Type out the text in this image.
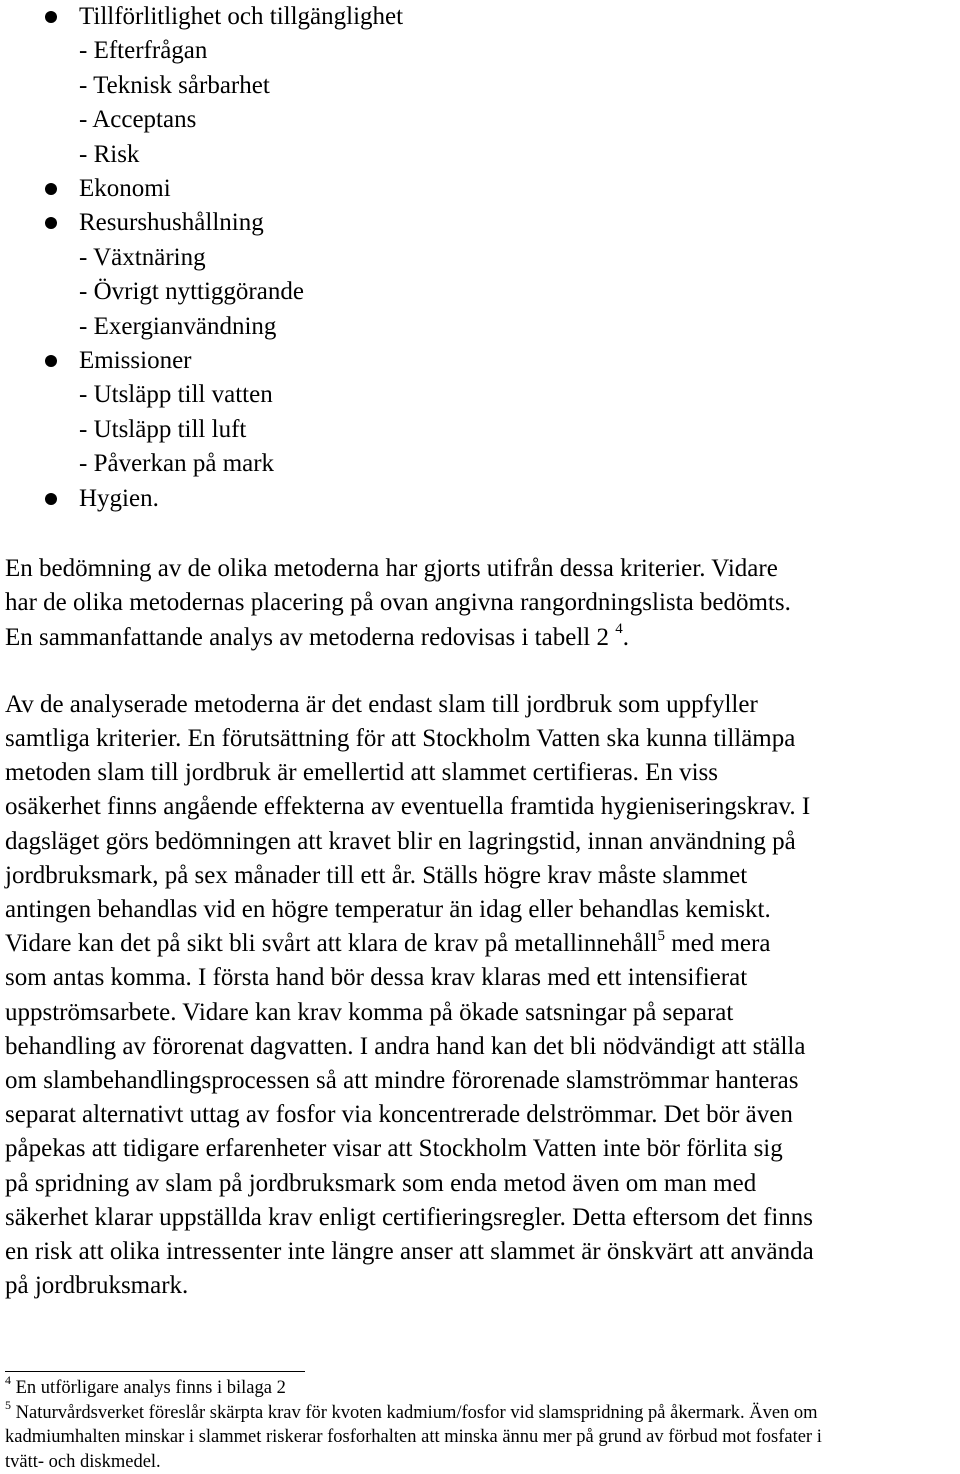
Tillförlitlighet och tillgänglighet
- Efterfrågan
- Teknisk sårbarhet
- Acceptans
- Risk
Ekonomi
Resurshushållning
- Växtnäring
- Övrigt nyttiggörande
- Exergianvändning
Emissioner
- Utsläpp till vatten
- Utsläpp till luft
- Påverkan på mark
Hygien.

En bedömning av de olika metoderna har gjorts utifrån dessa kriterier. Vidare
har de olika metodernas placering på ovan angivna rangordningslista bedömts.
En sammanfattande analys av metoderna redovisas i tabell 2 $^4$.

Av de analyserade metoderna är det endast slam till jordbruk som uppfyller
samtliga kriterier. En förutsättning för att Stockholm Vatten ska kunna tillämpa
metoden slam till jordbruk är emellertid att slammet certifieras. En viss
osäkerhet finns angående effekterna av eventuella framtida hygieniseringskrav. I
dagsläget görs bedömningen att kravet blir en lagringstid, innan användning på
jordbruksmark, på sex månader till ett år. Ställs högre krav måste slammet
antingen behandlas vid en högre temperatur än idag eller behandlas kemiskt.
Vidare kan det på sikt bli svårt att klara de krav på metallinnehåll$^5$ med mera
som antas komma. I första hand bör dessa krav klaras med ett intensifierat
uppströmsarbete. Vidare kan krav komma på ökade satsningar på separat
behandling av förorenat dagvatten. I andra hand kan det bli nödvändigt att ställa
om slambehandlingsprocessen så att mindre förorenade slamströmmar hanteras
separat alternativt uttag av fosfor via koncentrerade delströmmar. Det bör även
påpekas att tidigare erfarenheter visar att Stockholm Vatten inte bör förlita sig
på spridning av slam på jordbruksmark som enda metod även om man med
säkerhet klarar uppställda krav enligt certifieringsregler. Detta eftersom det finns
en risk att olika intressenter inte längre anser att slammet är önskvärt att använda
på jordbruksmark.

$^4$ En utförligare analys finns i bilaga 2

$^5$ Naturvårdsverket föreslår skärpta krav för kvoten kadmium/fosfor vid slamspridning på åkermark. Även om
kadmiumhalten minskar i slammet riskerar fosforhalten att minska ännu mer på grund av förbud mot fosfater i
tvätt- och diskmedel.
